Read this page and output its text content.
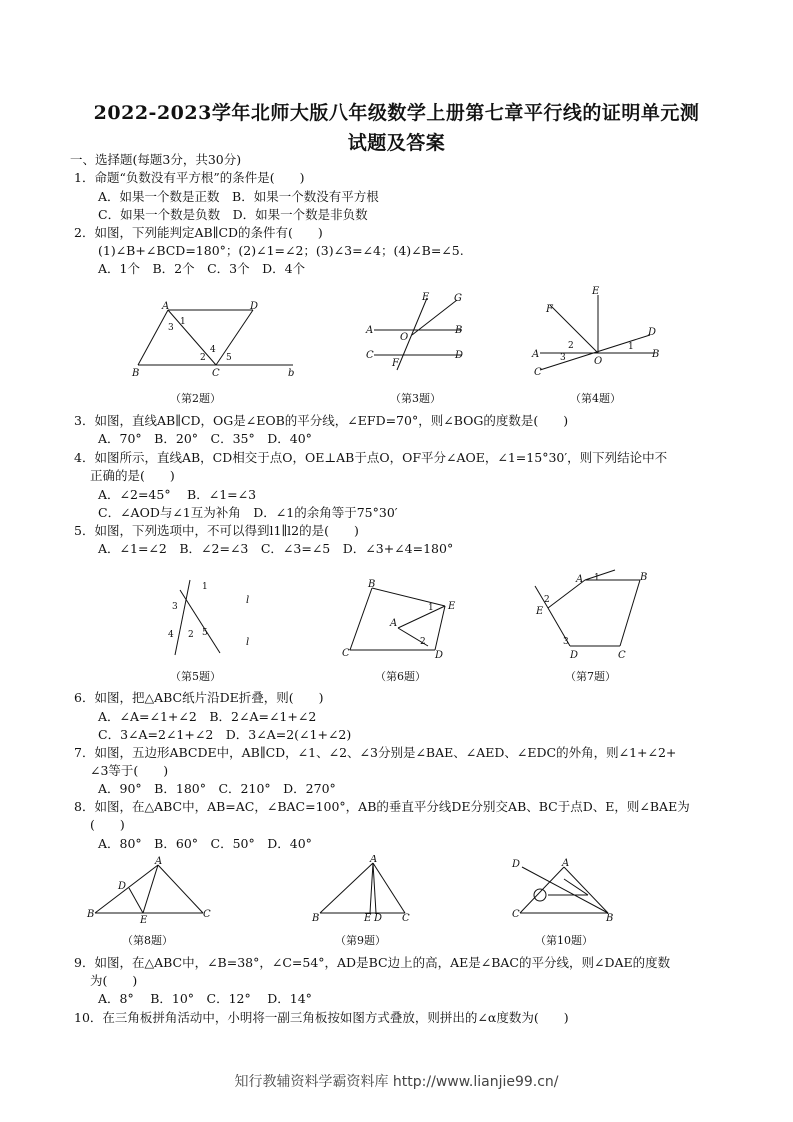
2022-2023学年北师大版八年级数学上册第七章平行线的证明单元测
试题及答案
一、选择题(每题3分，共30分)
1．命题“负数没有平方根”的条件是(　　)
A．如果一个数是正数　B．如果一个数没有平方根
C．如果一个数是负数　D．如果一个数是非负数
2．如图，下列能判定AB∥CD的条件有(　　)
(1)∠B+∠BCD=180°；(2)∠1=∠2；(3)∠3=∠4；(4)∠B=∠5.
A．1个　B．2个　C．3个　D．4个
A	D
B	C	b
1
3
4
2 5
A	B
C	D
E G
O
F
A	B
E
F
D
C
O
2
3
1
（第2题）	（第3题）	（第4题）
3．如图，直线AB∥CD，OG是∠EOB的平分线，∠EFD=70°，则∠BOG的度数是(　　)
A．70°　B．20°　C．35°　D．40°
4．如图所示，直线AB，CD相交于点O，OE⊥AB于点O，OF平分∠AOE，∠1=15°30′，则下列结论中不
正确的是(　　)
A．∠2=45°　 B．∠1=∠3
C．∠AOD与∠1互为补角　D．∠1的余角等于75°30′
5．如图，下列选项中，不可以得到l1∥l2的是(　　)
A．∠1=∠2　B．∠2=∠3　C．∠3=∠5　D．∠3+∠4=180°
1
3
4 2 5
l
l
B
E
A
C	D
1
2
A	B
E
D	C
1
2
3
（第5题）	（第6题）	（第7题）
6．如图，把△ABC纸片沿DE折叠，则(　　)
A．∠A=∠1+∠2　B．2∠A=∠1+∠2
C．3∠A=2∠1+∠2　D．3∠A=2(∠1+∠2)
7．如图，五边形ABCDE中，AB∥CD，∠1、∠2、∠3分别是∠BAE、∠AED、∠EDC的外角，则∠1+∠2+
∠3等于(　　)
A．90°　B．180°　C．210°　D．270°
8．如图，在△ABC中，AB=AC，∠BAC=100°，AB的垂直平分线DE分别交AB、BC于点D、E，则∠BAE为
(　　)
A．80°　B．60°　C．50°　D．40°
A
B	C
D
E
A
B	C
E D
D	A
C	B
（第8题）	（第9题）	（第10题）
9．如图，在△ABC中，∠B=38°，∠C=54°，AD是BC边上的高，AE是∠BAC的平分线，则∠DAE的度数
为(　　)
A．8°　 B．10°　C．12°　 D．14°
10．在三角板拼角活动中，小明将一副三角板按如图方式叠放，则拼出的∠α度数为(　　)
知行教辅资料学霸资料库 http://www.lianjie99.cn/
